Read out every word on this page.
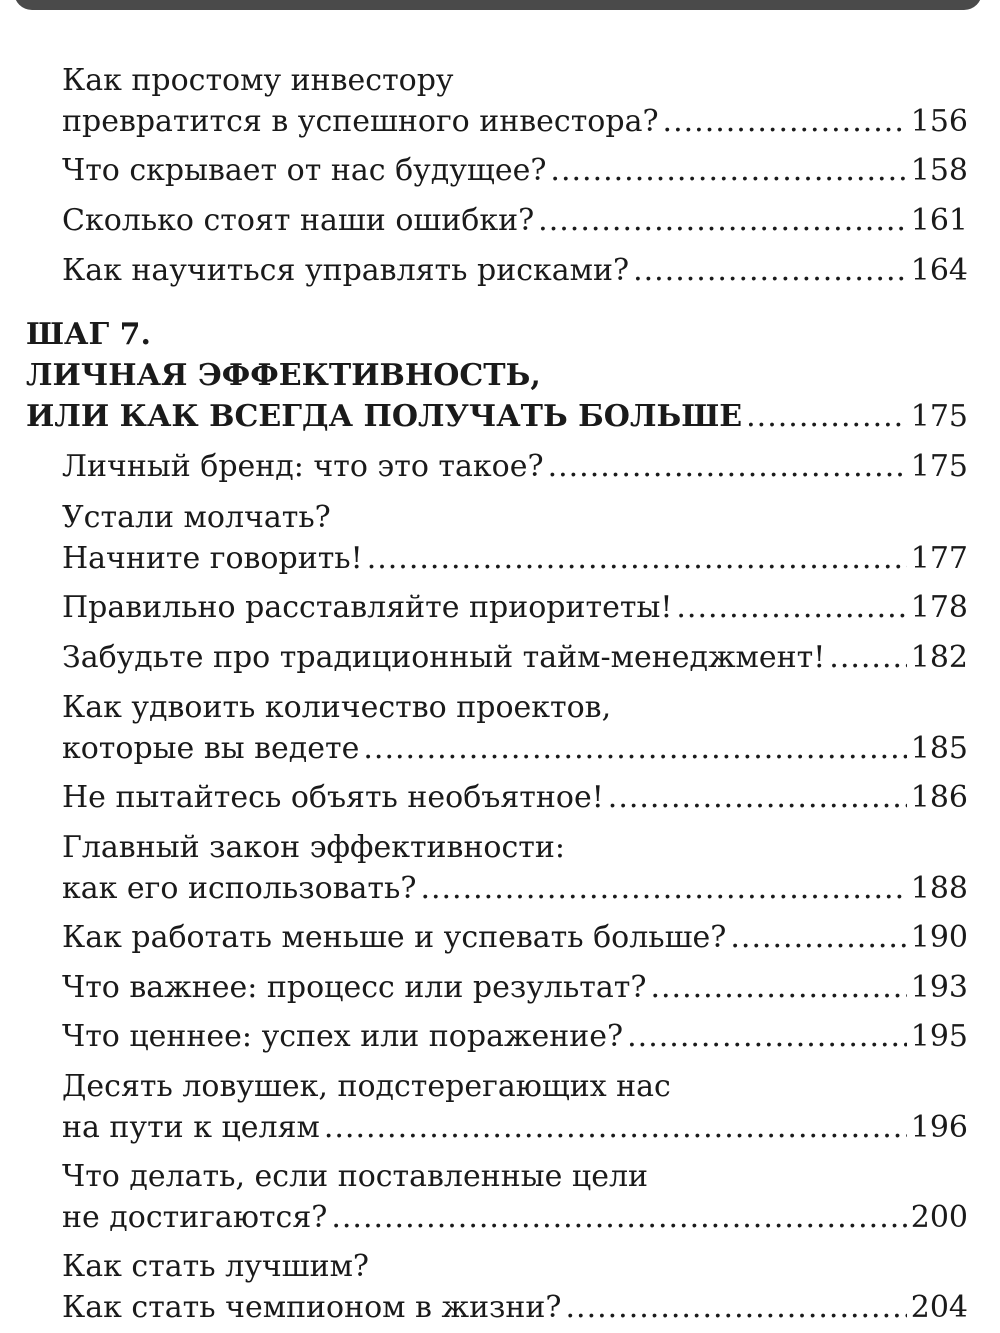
Как простому инвестору
превратится в успешного инвестора? .....	156
Что скрывает от нас будущее? .....	158
Сколько стоят наши ошибки? .....	161
Как научиться управлять рисками? .....	164
ШАГ 7.
ЛИЧНАЯ ЭФФЕКТИВНОСТЬ,
ИЛИ КАК ВСЕГДА ПОЛУЧАТЬ БОЛЬШЕ .....	175
Личный бренд: что это такое? .....	175
Устали молчать?
Начните говорить! .....	177
Правильно расставляйте приоритеты! .....	178
Забудьте про традиционный тайм-менеджмент! .....	182
Как удвоить количество проектов,
которые вы ведете .....	185
Не пытайтесь объять необъятное! .....	186
Главный закон эффективности:
как его использовать? .....	188
Как работать меньше и успевать больше? .....	190
Что важнее: процесс или результат? .....	193
Что ценнее: успех или поражение? .....	195
Десять ловушек, подстерегающих нас
на пути к целям .....	196
Что делать, если поставленные цели
не достигаются? .....	200
Как стать лучшим?
Как стать чемпионом в жизни? .....	204
